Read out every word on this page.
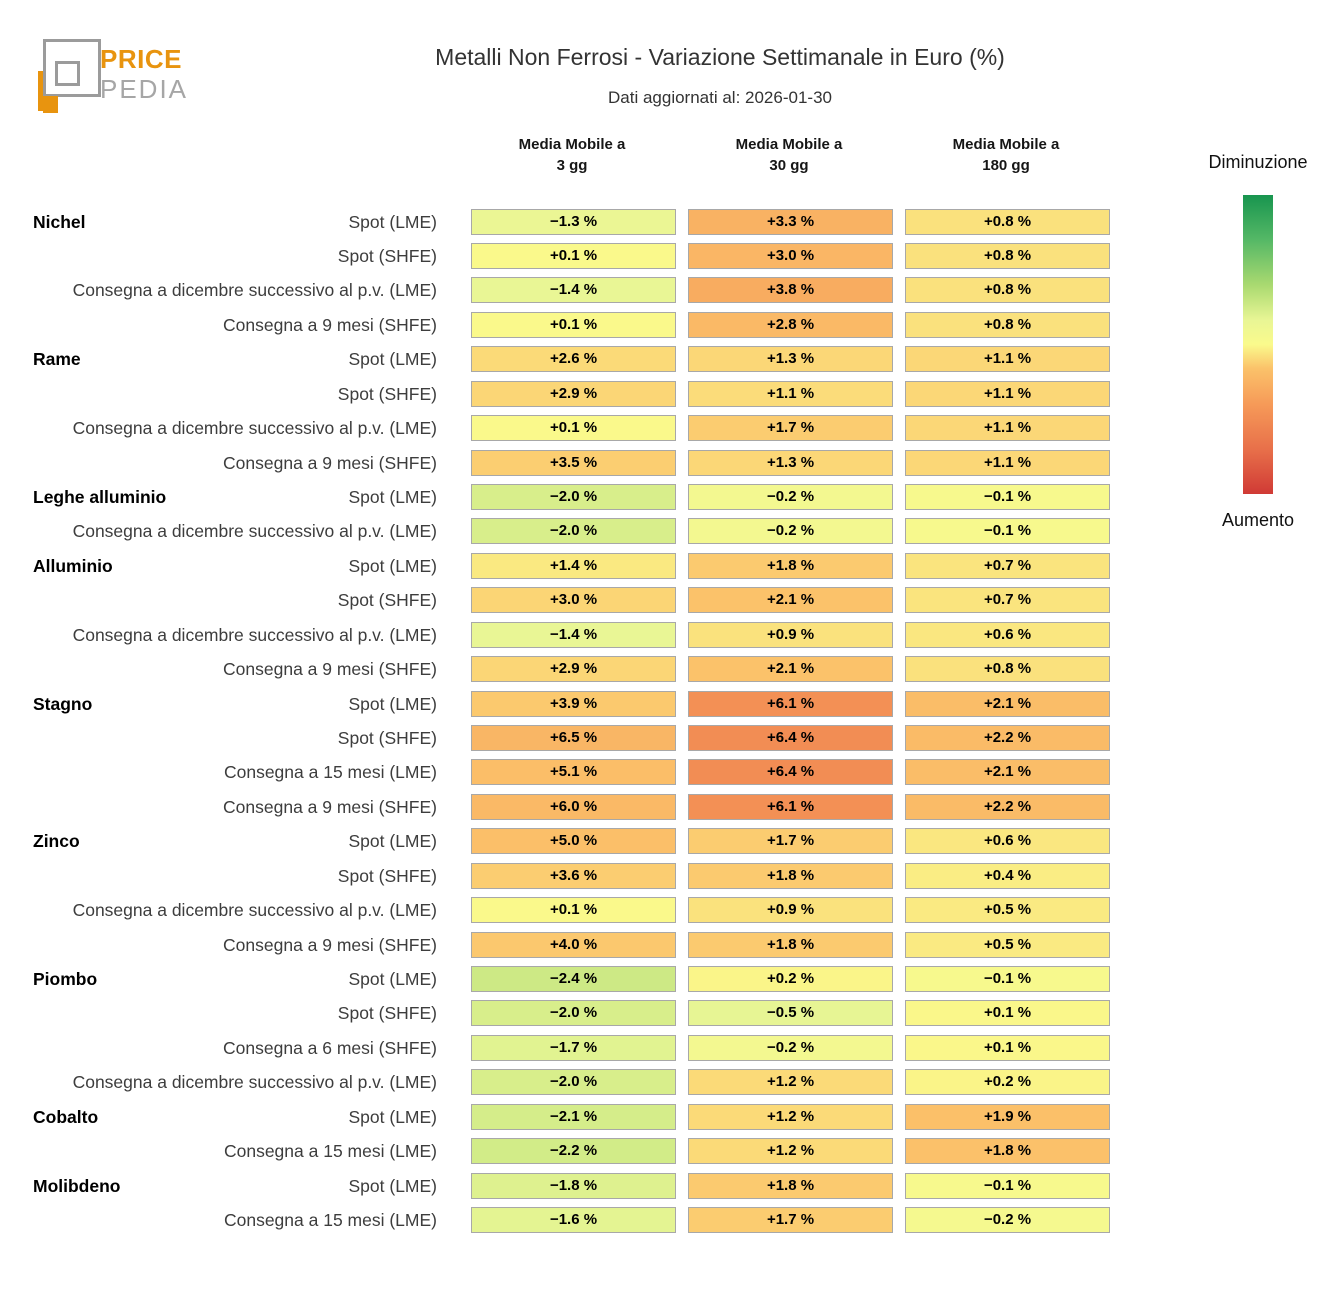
PRICE
PEDIA
Metalli Non Ferrosi - Variazione Settimanale in Euro (%)
Dati aggiornati al: 2026-01-30
Media Mobile a
3 gg
Media Mobile a
30 gg
Media Mobile a
180 gg	Diminuzione
Aumento
Nichel	Spot (LME)	−1.3 %	+3.3 %	+0.8 %
Spot (SHFE)	+0.1 %	+3.0 %	+0.8 %
Consegna a dicembre successivo al p.v. (LME)	−1.4 %	+3.8 %	+0.8 %
Consegna a 9 mesi (SHFE)	+0.1 %	+2.8 %	+0.8 %
Rame	Spot (LME)	+2.6 %	+1.3 %	+1.1 %
Spot (SHFE)	+2.9 %	+1.1 %	+1.1 %
Consegna a dicembre successivo al p.v. (LME)	+0.1 %	+1.7 %	+1.1 %
Consegna a 9 mesi (SHFE)	+3.5 %	+1.3 %	+1.1 %
Leghe alluminio	Spot (LME)	−2.0 %	−0.2 %	−0.1 %
Consegna a dicembre successivo al p.v. (LME)	−2.0 %	−0.2 %	−0.1 %
Alluminio	Spot (LME)	+1.4 %	+1.8 %	+0.7 %
Spot (SHFE)	+3.0 %	+2.1 %	+0.7 %
Consegna a dicembre successivo al p.v. (LME)	−1.4 %	+0.9 %	+0.6 %
Consegna a 9 mesi (SHFE)	+2.9 %	+2.1 %	+0.8 %
Stagno	Spot (LME)	+3.9 %	+6.1 %	+2.1 %
Spot (SHFE)	+6.5 %	+6.4 %	+2.2 %
Consegna a 15 mesi (LME)	+5.1 %	+6.4 %	+2.1 %
Consegna a 9 mesi (SHFE)	+6.0 %	+6.1 %	+2.2 %
Zinco	Spot (LME)	+5.0 %	+1.7 %	+0.6 %
Spot (SHFE)	+3.6 %	+1.8 %	+0.4 %
Consegna a dicembre successivo al p.v. (LME)	+0.1 %	+0.9 %	+0.5 %
Consegna a 9 mesi (SHFE)	+4.0 %	+1.8 %	+0.5 %
Piombo	Spot (LME)	−2.4 %	+0.2 %	−0.1 %
Spot (SHFE)	−2.0 %	−0.5 %	+0.1 %
Consegna a 6 mesi (SHFE)	−1.7 %	−0.2 %	+0.1 %
Consegna a dicembre successivo al p.v. (LME)	−2.0 %	+1.2 %	+0.2 %
Cobalto	Spot (LME)	−2.1 %	+1.2 %	+1.9 %
Consegna a 15 mesi (LME)	−2.2 %	+1.2 %	+1.8 %
Molibdeno	Spot (LME)	−1.8 %	+1.8 %	−0.1 %
Consegna a 15 mesi (LME)	−1.6 %	+1.7 %	−0.2 %
